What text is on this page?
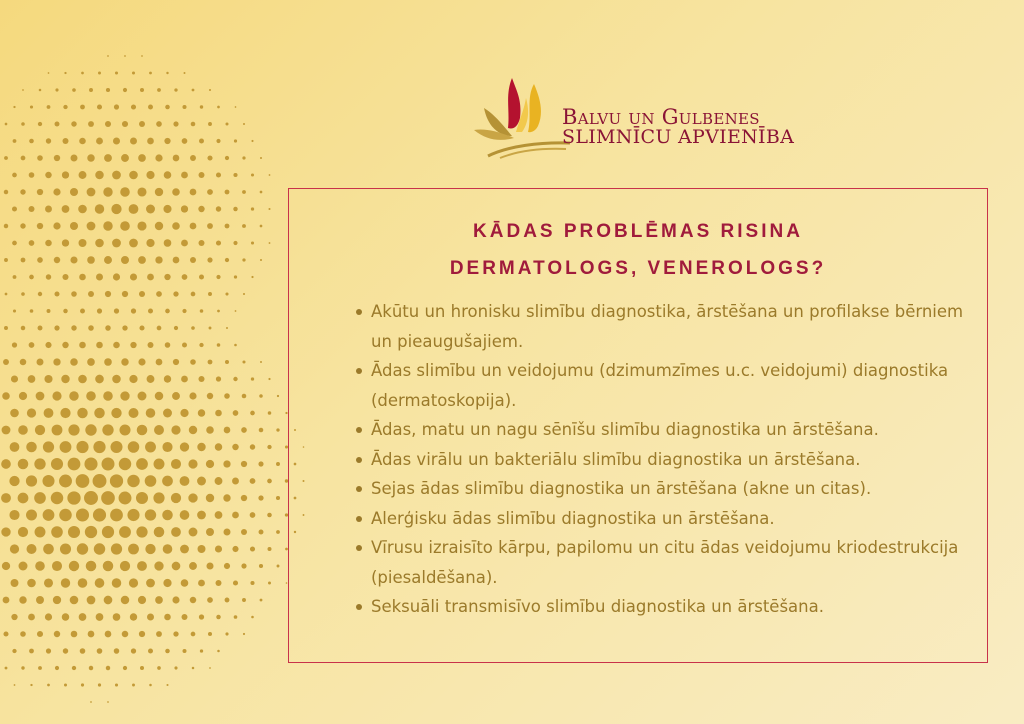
Balvu un Gulbenes
SLIMNĪCU APVIENĪBA
KĀDAS PROBLĒMAS RISINA
DERMATOLOGS, VENEROLOGS?
Akūtu un hronisku slimību diagnostika, ārstēšana un profilakse bērniem un pieaugušajiem.
Ādas slimību un veidojumu (dzimumzīmes u.c. veidojumi) diagnostika (dermatoskopija).
Ādas, matu un nagu sēnīšu slimību diagnostika un ārstēšana.
Ādas virālu un bakteriālu slimību diagnostika un ārstēšana.
Sejas ādas slimību diagnostika un ārstēšana (akne un citas).
Alerģisku ādas slimību diagnostika un ārstēšana.
Vīrusu izraisīto kārpu, papilomu un citu ādas veidojumu kriodestrukcija (piesaldēšana).
Seksuāli transmisīvo slimību diagnostika un ārstēšana.
